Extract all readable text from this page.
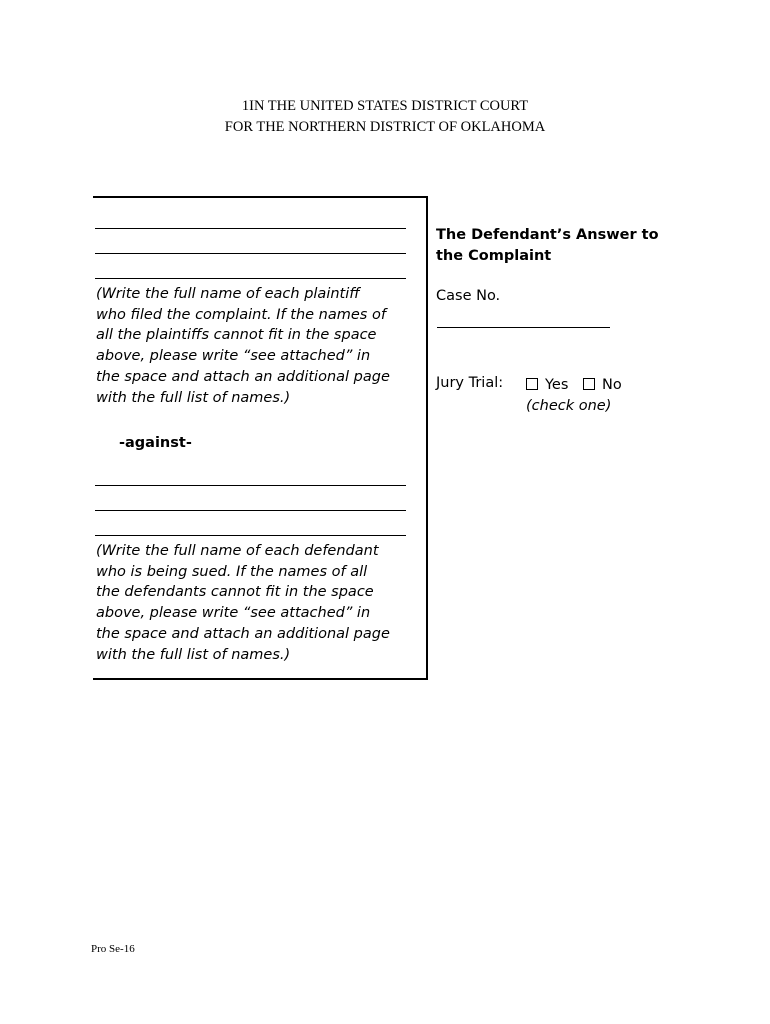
1IN THE UNITED STATES DISTRICT COURT
FOR THE NORTHERN DISTRICT OF OKLAHOMA

(Write the full name of each plaintiff
who filed the complaint. If the names of
all the plaintiffs cannot fit in the space
above, please write “see attached” in
the space and attach an additional page
with the full list of names.)

-against-

(Write the full name of each defendant
who is being sued. If the names of all
the defendants cannot fit in the space
above, please write “see attached” in
the space and attach an additional page
with the full list of names.)

The Defendant’s Answer to
the Complaint

Case No.
Jury Trial:	Yes No
(check one)
Pro Se-16
